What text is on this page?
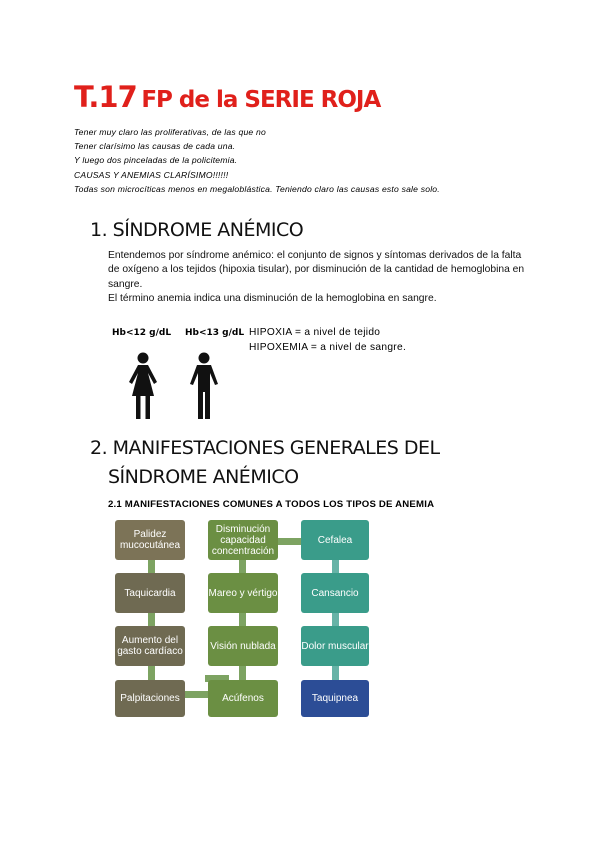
T.17 FP de la SERIE ROJA
Tener muy claro las proliferativas, de las que no
Tener clarísimo las causas de cada una.
Y luego dos pinceladas de la policitemia.
CAUSAS Y ANEMIAS CLARÍSIMO!!!!!!
Todas son microcíticas menos en megaloblástica. Teniendo claro las causas esto sale solo.
1. SÍNDROME ANÉMICO
Entendemos por síndrome anémico: el conjunto de signos y síntomas derivados de la falta de oxígeno a los tejidos (hipoxia tisular), por disminución de la cantidad de hemoglobina en sangre.
El término anemia indica una disminución de la hemoglobina en sangre.
Hb<12 g/dL Hb<13 g/dL HIPOXIA = a nivel de tejido
HIPOXEMIA = a nivel de sangre.
2. MANIFESTACIONES GENERALES DEL
SÍNDROME ANÉMICO
2.1 MANIFESTACIONES COMUNES A TODOS LOS TIPOS DE ANEMIA
Palidez mucocutánea
Taquicardia
Aumento del gasto cardíaco
Palpitaciones
Disminución capacidad concentración
Mareo y vértigo
Visión nublada
Acúfenos
Cefalea
Cansancio
Dolor muscular
Taquipnea
